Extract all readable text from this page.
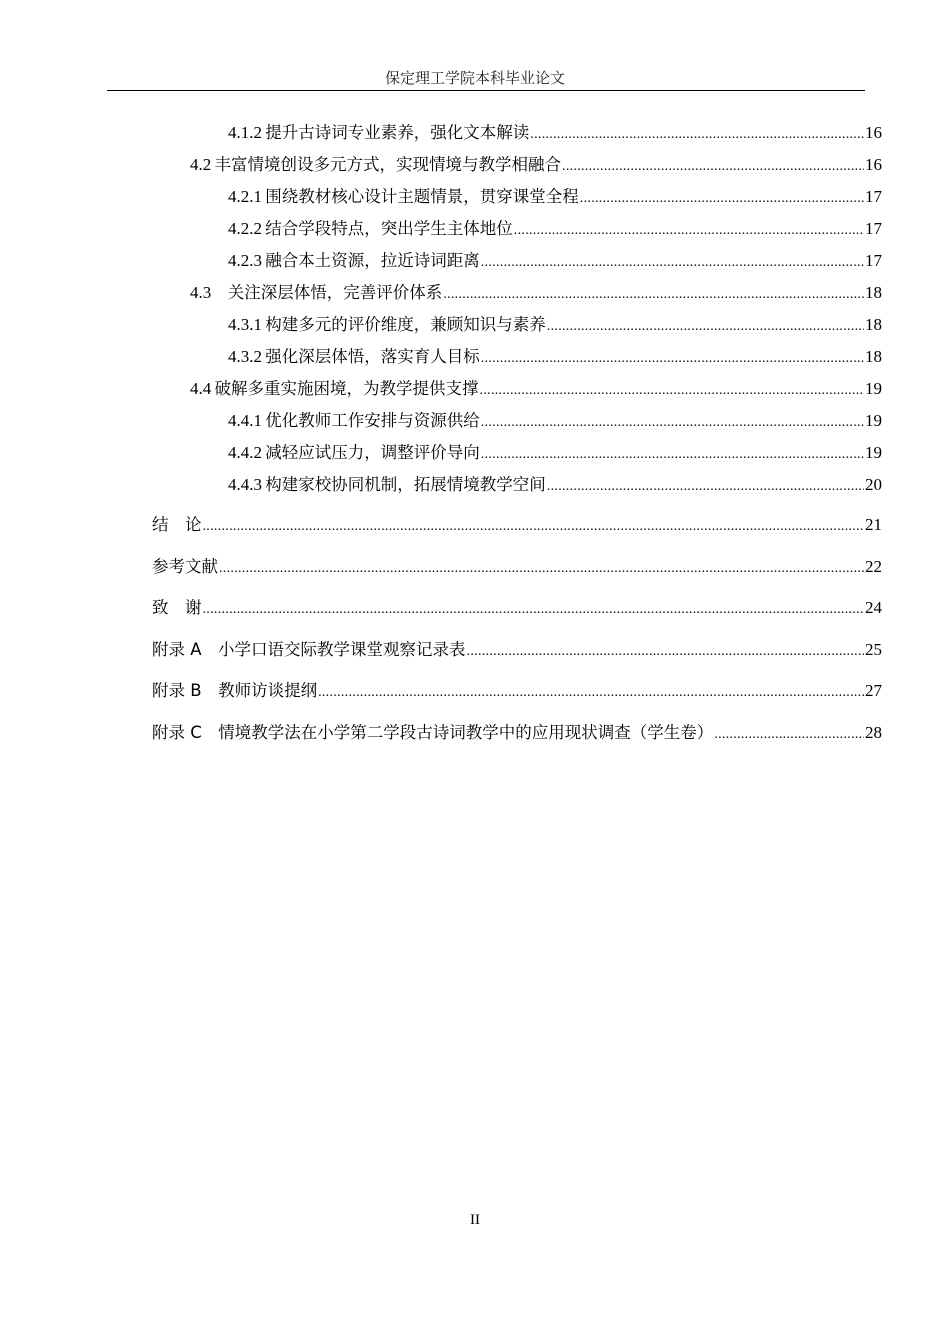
保定理工学院本科毕业论文
4.1.2  提升古诗词专业素养，强化文本解读 .....	16
4.2  丰富情境创设多元方式，实现情境与教学相融合 .....	16
4.2.1  围绕教材核心设计主题情景，贯穿课堂全程 .....	17
4.2.2  结合学段特点，突出学生主体地位 .....	17
4.2.3  融合本土资源，拉近诗词距离 .....	17
4.3  关注深层体悟，完善评价体系 .....	18
4.3.1  构建多元的评价维度，兼顾知识与素养 .....	18
4.3.2  强化深层体悟，落实育人目标 .....	18
4.4  破解多重实施困境，为教学提供支撑 .....	19
4.4.1  优化教师工作安排与资源供给 .....	19
4.4.2  减轻应试压力，调整评价导向 .....	19
4.4.3  构建家校协同机制，拓展情境教学空间 .....	20
结　论 .....	21
参考文献 .....	22
致　谢 .....	24
附录 A  小学口语交际教学课堂观察记录表 .....	25
附录 B  教师访谈提纲 .....	27
附录 C  情境教学法在小学第二学段古诗词教学中的应用现状调查（学生卷） .....	28
II
